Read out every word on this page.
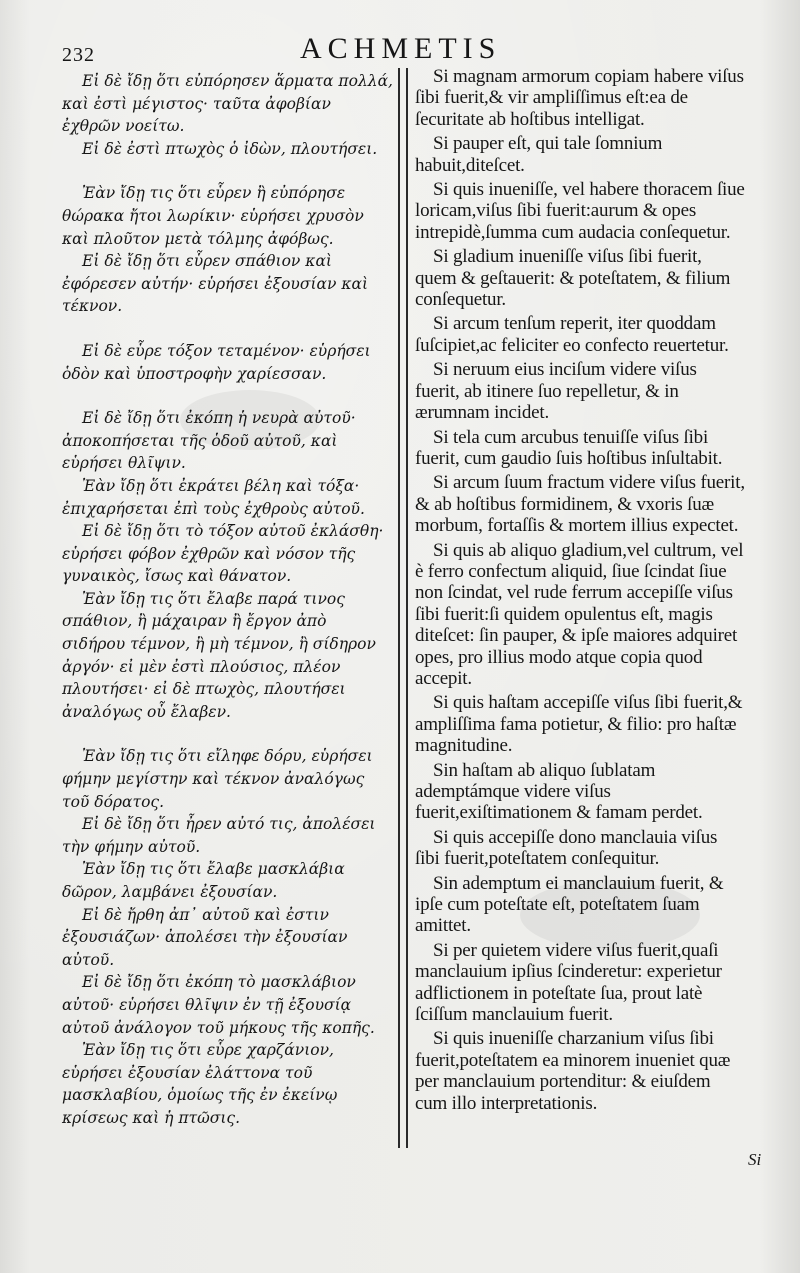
232	ACHMETIS

Εἰ δὲ ἴδῃ ὅτι εὐπόρησεν ἅρματα πολλά, καὶ ἐστὶ μέγιστος· ταῦτα ἀφοβίαν ἐχθρῶν νοείτω.

Εἰ δὲ ἐστὶ πτωχὸς ὁ ἰδὼν, πλουτήσει.

Ἐὰν ἴδῃ τις ὅτι εὗρεν ἢ εὐπόρησε θώρακα ἤτοι λωρίκιν· εὑρήσει χρυσὸν καὶ πλοῦτον μετὰ τόλμης ἀφόβως.

Εἰ δὲ ἴδῃ ὅτι εὗρεν σπάθιον καὶ ἐφόρεσεν αὐτήν· εὑρήσει ἐξουσίαν καὶ τέκνον.

Εἰ δὲ εὗρε τόξον τεταμένον· εὑρήσει ὁδὸν καὶ ὑποστροφὴν χαρίεσσαν.

Εἰ δὲ ἴδῃ ὅτι ἐκόπη ἡ νευρὰ αὐτοῦ· ἀποκοπήσεται τῆς ὁδοῦ αὐτοῦ, καὶ εὑρήσει θλῖψιν.

Ἐὰν ἴδῃ ὅτι ἐκράτει βέλη καὶ τόξα· ἐπιχαρήσεται ἐπὶ τοὺς ἐχθροὺς αὐτοῦ.

Εἰ δὲ ἴδῃ ὅτι τὸ τόξον αὐτοῦ ἐκλάσθη· εὑρήσει φόβον ἐχθρῶν καὶ νόσον τῆς γυναικὸς, ἴσως καὶ θάνατον.

Ἐὰν ἴδῃ τις ὅτι ἔλαβε παρά τινος σπάθιον, ἢ μάχαιραν ἢ ἔργον ἀπὸ σιδήρου τέμνον, ἢ μὴ τέμνον, ἢ σίδηρον ἀργόν· εἰ μὲν ἐστὶ πλούσιος, πλέον πλουτήσει· εἰ δὲ πτωχὸς, πλουτήσει ἀναλόγως οὗ ἔλαβεν.

Ἐὰν ἴδῃ τις ὅτι εἴληφε δόρυ, εὑρήσει φήμην μεγίστην καὶ τέκνον ἀναλόγως τοῦ δόρατος.

Εἰ δὲ ἴδῃ ὅτι ἦρεν αὐτό τις, ἀπολέσει τὴν φήμην αὐτοῦ.

Ἐὰν ἴδῃ τις ὅτι ἔλαβε μασκλάβια δῶρον, λαμβάνει ἐξουσίαν.

Εἰ δὲ ἤρθη ἀπ᾽ αὐτοῦ καὶ ἐστιν ἐξουσιάζων· ἀπολέσει τὴν ἐξουσίαν αὐτοῦ.

Εἰ δὲ ἴδῃ ὅτι ἐκόπη τὸ μασκλάβιον αὐτοῦ· εὑρήσει θλῖψιν ἐν τῇ ἐξουσίᾳ αὐτοῦ ἀνάλογον τοῦ μήκους τῆς κοπῆς.

Ἐὰν ἴδῃ τις ὅτι εὗρε χαρζάνιον, εὑρήσει ἐξουσίαν ἐλάττονα τοῦ μασκλαβίου, ὁμοίως τῆς ἐν ἐκείνῳ κρίσεως καὶ ἡ πτῶσις.

Si magnam armorum copiam habere viſus ſibi fuerit,& vir ampliſſimus eſt:ea de ſecuritate ab hoſtibus intelligat.

Si pauper eſt, qui tale ſomnium habuit,diteſcet.

Si quis inueniſſe, vel habere thoracem ſiue loricam,viſus ſibi fuerit:aurum & opes intrepidè,ſumma cum audacia conſequetur.

Si gladium inueniſſe viſus ſibi fuerit, quem & geſtauerit: & poteſtatem, & filium conſequetur.

Si arcum tenſum reperit, iter quoddam ſuſcipiet,ac feliciter eo confecto reuertetur.

Si neruum eius inciſum videre viſus fuerit, ab itinere ſuo repelletur, & in ærumnam incidet.

Si tela cum arcubus tenuiſſe viſus ſibi fuerit, cum gaudio ſuis hoſtibus inſultabit.

Si arcum ſuum fractum videre viſus fuerit, & ab hoſtibus formidinem, & vxoris ſuæ morbum, fortaſſis & mortem illius expectet.

Si quis ab aliquo gladium,vel cultrum, vel è ferro confectum aliquid, ſiue ſcindat ſiue non ſcindat, vel rude ferrum accepiſſe viſus ſibi fuerit:ſi quidem opulentus eſt, magis diteſcet: ſin pauper, & ipſe maiores adquiret opes, pro illius modo atque copia quod accepit.

Si quis haſtam accepiſſe viſus ſibi fuerit,& ampliſſima fama potietur, & filio: pro haſtæ magnitudine.

Sin haſtam ab aliquo ſublatam ademptámque videre viſus fuerit,exiſtimationem & famam perdet.

Si quis accepiſſe dono manclauia viſus ſibi fuerit,poteſtatem conſequitur.

Sin ademptum ei manclauium fuerit, & ipſe cum poteſtate eſt, poteſtatem ſuam amittet.

Si per quietem videre viſus fuerit,quaſi manclauium ipſius ſcinderetur: experietur adflictionem in poteſtate ſua, prout latè ſciſſum manclauium fuerit.

Si quis inueniſſe charzanium viſus ſibi fuerit,poteſtatem ea minorem inueniet quæ per manclauium portenditur: & eiuſdem cum illo interpretationis.

Si
